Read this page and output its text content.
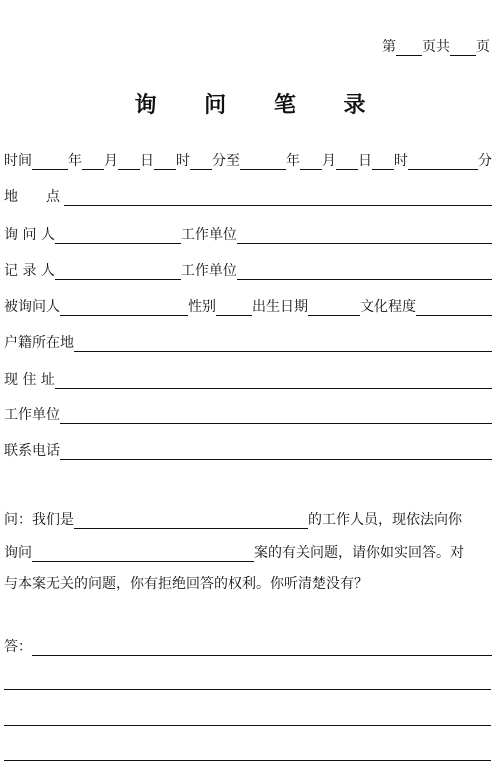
第 页共 页
询 问 笔 录
时间	年 月 日 时 分至	年 月 日 时	分
地　　点
询 问 人	工作单位
记 录 人	工作单位
被询问人	性别	出生日期	文化程度
户籍所在地
现 住 址
工作单位
联系电话
问：我们是	的工作人员，现依法向你
询问	案的有关问题，请你如实回答。对
与本案无关的问题，你有拒绝回答的权利。你听清楚没有？
答：
